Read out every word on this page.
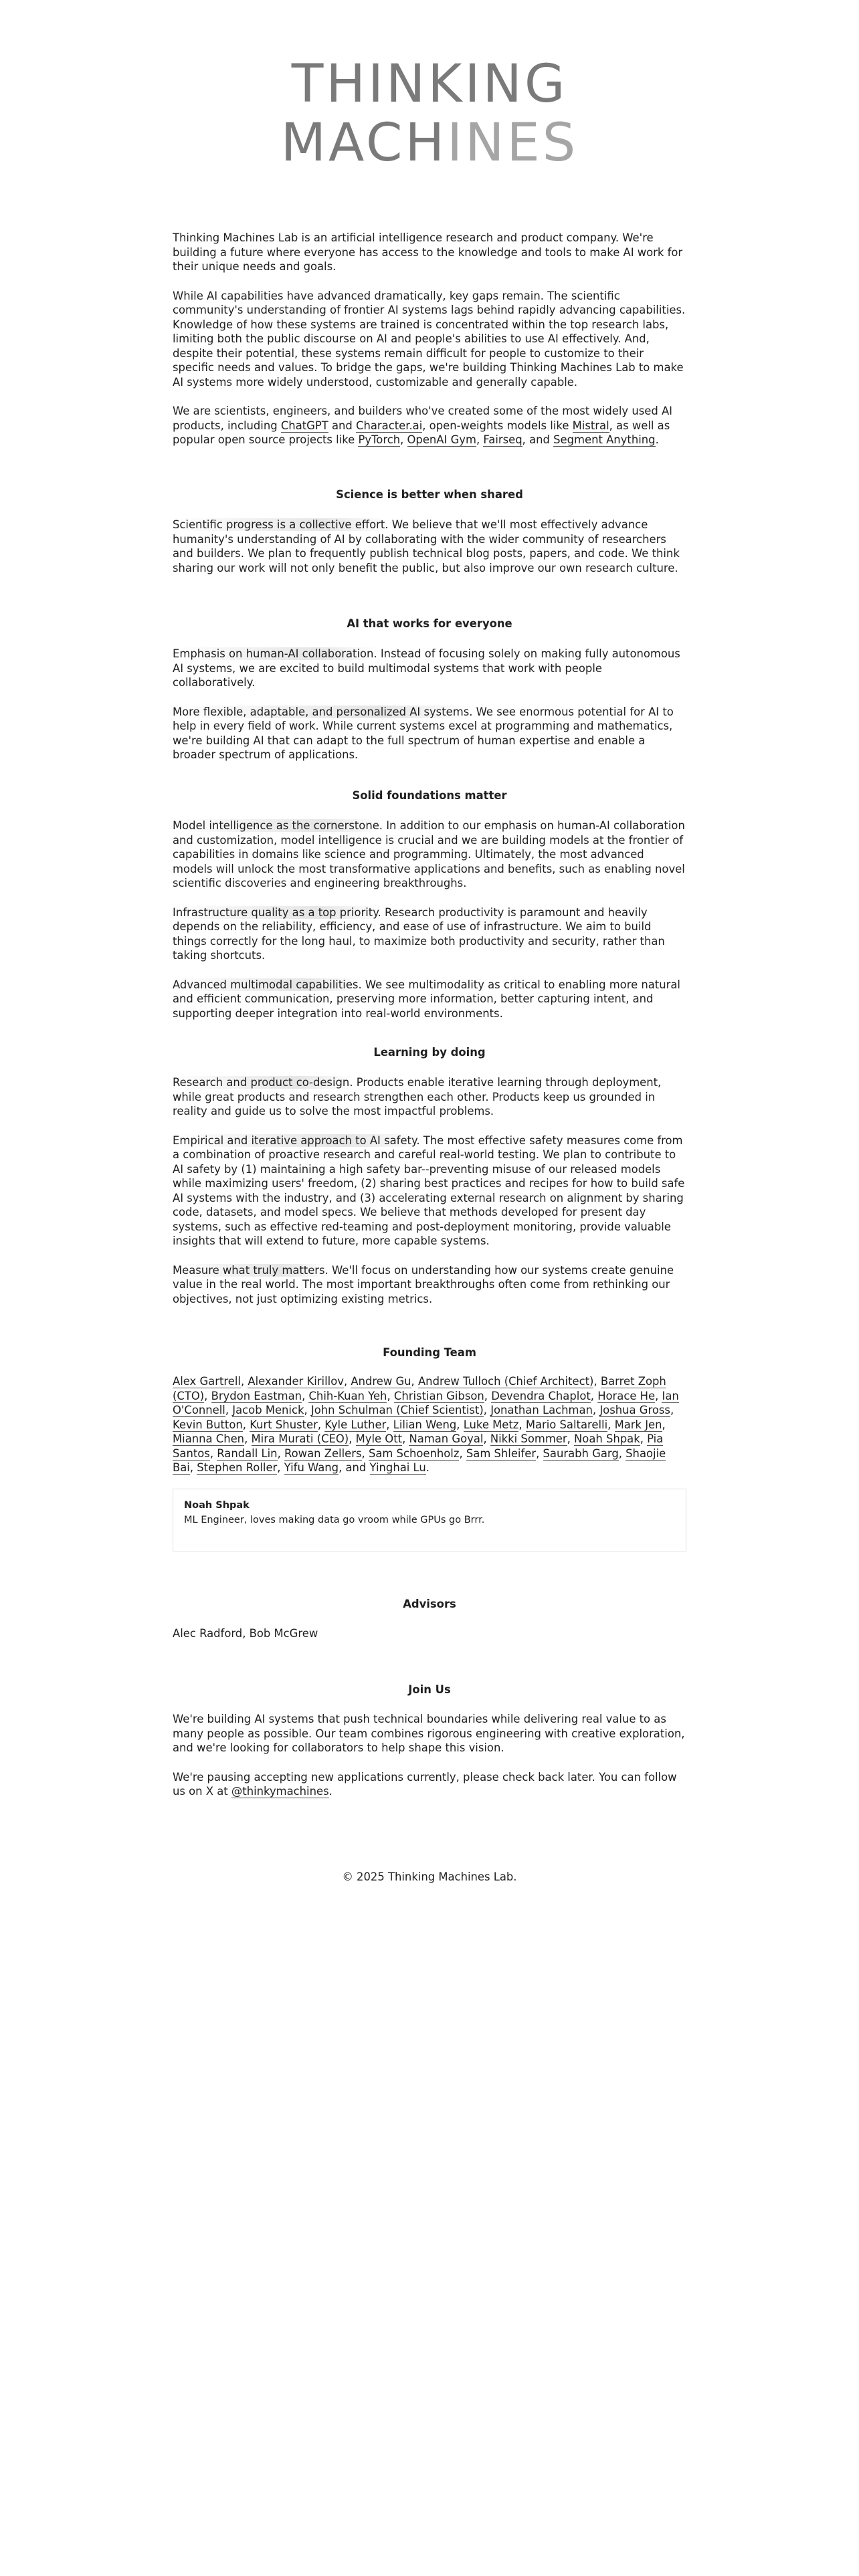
THINKING
MACHINES

Thinking Machines Lab is an artificial intelligence research and product company. We're building a future where everyone has access to the knowledge and tools to make AI work for their unique needs and goals.

While AI capabilities have advanced dramatically, key gaps remain. The scientific community's understanding of frontier AI systems lags behind rapidly advancing capabilities. Knowledge of how these systems are trained is concentrated within the top research labs, limiting both the public discourse on AI and people's abilities to use AI effectively. And, despite their potential, these systems remain difficult for people to customize to their specific needs and values. To bridge the gaps, we're building Thinking Machines Lab to make AI systems more widely understood, customizable and generally capable.

We are scientists, engineers, and builders who've created some of the most widely used AI products, including ChatGPT and Character.ai, open-weights models like Mistral, as well as popular open source projects like PyTorch, OpenAI Gym, Fairseq, and Segment Anything.

Science is better when shared

Scientific progress is a collective effort. We believe that we'll most effectively advance humanity's understanding of AI by collaborating with the wider community of researchers and builders. We plan to frequently publish technical blog posts, papers, and code. We think sharing our work will not only benefit the public, but also improve our own research culture.

AI that works for everyone

Emphasis on human-AI collaboration. Instead of focusing solely on making fully autonomous AI systems, we are excited to build multimodal systems that work with people collaboratively.

More flexible, adaptable, and personalized AI systems. We see enormous potential for AI to help in every field of work. While current systems excel at programming and mathematics, we're building AI that can adapt to the full spectrum of human expertise and enable a broader spectrum of applications.

Solid foundations matter

Model intelligence as the cornerstone. In addition to our emphasis on human-AI collaboration and customization, model intelligence is crucial and we are building models at the frontier of capabilities in domains like science and programming. Ultimately, the most advanced models will unlock the most transformative applications and benefits, such as enabling novel scientific discoveries and engineering breakthroughs.

Infrastructure quality as a top priority. Research productivity is paramount and heavily depends on the reliability, efficiency, and ease of use of infrastructure. We aim to build things correctly for the long haul, to maximize both productivity and security, rather than taking shortcuts.

Advanced multimodal capabilities. We see multimodality as critical to enabling more natural and efficient communication, preserving more information, better capturing intent, and supporting deeper integration into real-world environments.

Learning by doing

Research and product co-design. Products enable iterative learning through deployment, while great products and research strengthen each other. Products keep us grounded in reality and guide us to solve the most impactful problems.

Empirical and iterative approach to AI safety. The most effective safety measures come from a combination of proactive research and careful real-world testing. We plan to contribute to AI safety by (1) maintaining a high safety bar--preventing misuse of our released models while maximizing users' freedom, (2) sharing best practices and recipes for how to build safe AI systems with the industry, and (3) accelerating external research on alignment by sharing code, datasets, and model specs. We believe that methods developed for present day systems, such as effective red-teaming and post-deployment monitoring, provide valuable insights that will extend to future, more capable systems.

Measure what truly matters. We'll focus on understanding how our systems create genuine value in the real world. The most important breakthroughs often come from rethinking our objectives, not just optimizing existing metrics.

Founding Team

Alex Gartrell, Alexander Kirillov, Andrew Gu, Andrew Tulloch (Chief Architect), Barret Zoph (CTO), Brydon Eastman, Chih-Kuan Yeh, Christian Gibson, Devendra Chaplot, Horace He, Ian O'Connell, Jacob Menick, John Schulman (Chief Scientist), Jonathan Lachman, Joshua Gross, Kevin Button, Kurt Shuster, Kyle Luther, Lilian Weng, Luke Metz, Mario Saltarelli, Mark Jen, Mianna Chen, Mira Murati (CEO), Myle Ott, Naman Goyal, Nikki Sommer, Noah Shpak, Pia Santos, Randall Lin, Rowan Zellers, Sam Schoenholz, Sam Shleifer, Saurabh Garg, Shaojie Bai, Stephen Roller, Yifu Wang, and Yinghai Lu.

Noah Shpak
ML Engineer, loves making data go vroom while GPUs go Brrr.
Advisors

Alec Radford, Bob McGrew

Join Us

We're building AI systems that push technical boundaries while delivering real value to as many people as possible. Our team combines rigorous engineering with creative exploration, and we're looking for collaborators to help shape this vision.

We're pausing accepting new applications currently, please check back later. You can follow us on X at @thinkymachines.

© 2025 Thinking Machines Lab.
